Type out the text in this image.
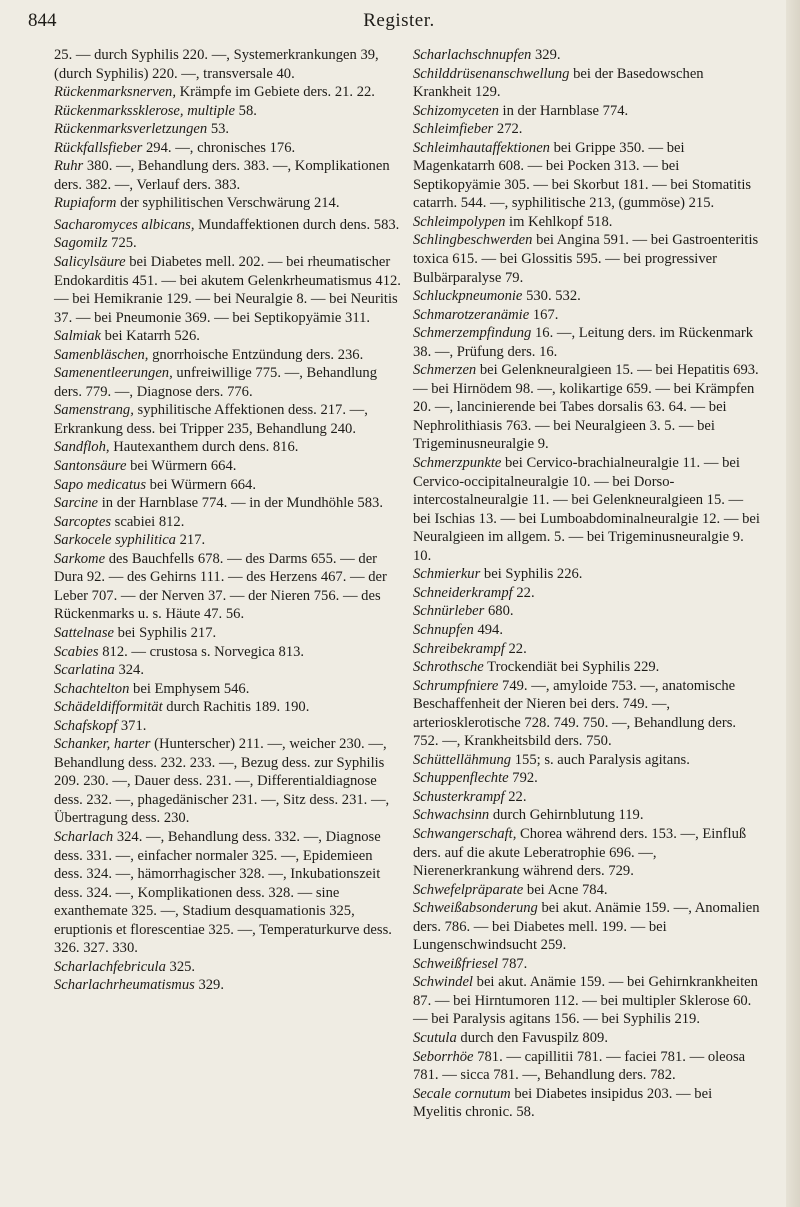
844	Register.

25. — durch Syphilis 220. —, Systemerkrankungen 39, (durch Syphilis) 220. —, transversale 40.

Rückenmarksnerven, Krämpfe im Gebiete ders. 21. 22.

Rückenmarkssklerose, multiple 58.

Rückenmarksverletzungen 53.

Rückfallsfieber 294. —, chronisches 176.

Ruhr 380. —, Behandlung ders. 383. —, Komplikationen ders. 382. —, Verlauf ders. 383.

Rupiaform der syphilitischen Verschwärung 214.

Sacharomyces albicans, Mundaffektionen durch dens. 583.

Sagomilz 725.

Salicylsäure bei Diabetes mell. 202. — bei rheumatischer Endokarditis 451. — bei akutem Gelenkrheumatismus 412. — bei Hemikranie 129. — bei Neuralgie 8. — bei Neuritis 37. — bei Pneumonie 369. — bei Septikopyämie 311.

Salmiak bei Katarrh 526.

Samenbläschen, gnorrhoische Entzündung ders. 236.

Samenentleerungen, unfreiwillige 775. —, Behandlung ders. 779. —, Diagnose ders. 776.

Samenstrang, syphilitische Affektionen dess. 217. —, Erkrankung dess. bei Tripper 235, Behandlung 240.

Sandfloh, Hautexanthem durch dens. 816.

Santonsäure bei Würmern 664.

Sapo medicatus bei Würmern 664.

Sarcine in der Harnblase 774. — in der Mundhöhle 583.

Sarcoptes scabiei 812.

Sarkocele syphilitica 217.

Sarkome des Bauchfells 678. — des Darms 655. — der Dura 92. — des Gehirns 111. — des Herzens 467. — der Leber 707. — der Nerven 37. — der Nieren 756. — des Rückenmarks u. s. Häute 47. 56.

Sattelnase bei Syphilis 217.

Scabies 812. — crustosa s. Norvegica 813.

Scarlatina 324.

Schachtelton bei Emphysem 546.

Schädeldifformität durch Rachitis 189. 190.

Schafskopf 371.

Schanker, harter (Hunterscher) 211. —, weicher 230. —, Behandlung dess. 232. 233. —, Bezug dess. zur Syphilis 209. 230. —, Dauer dess. 231. —, Differentialdiagnose dess. 232. —, phagedänischer 231. —, Sitz dess. 231. —, Übertragung dess. 230.

Scharlach 324. —, Behandlung dess. 332. —, Diagnose dess. 331. —, einfacher normaler 325. —, Epidemieen dess. 324. —, hämorrhagischer 328. —, Inkubationszeit dess. 324. —, Komplikationen dess. 328. — sine exanthemate 325. —, Stadium desquamationis 325, eruptionis et florescentiae 325. —, Temperaturkurve dess. 326. 327. 330.

Scharlachfebricula 325.

Scharlachrheumatismus 329.

Scharlachschnupfen 329.

Schilddrüsenanschwellung bei der Basedowschen Krankheit 129.

Schizomyceten in der Harnblase 774.

Schleimfieber 272.

Schleimhautaffektionen bei Grippe 350. — bei Magenkatarrh 608. — bei Pocken 313. — bei Septikopyämie 305. — bei Skorbut 181. — bei Stomatitis catarrh. 544. —, syphilitische 213, (gummöse) 215.

Schleimpolypen im Kehlkopf 518.

Schlingbeschwerden bei Angina 591. — bei Gastroenteritis toxica 615. — bei Glossitis 595. — bei progressiver Bulbärparalyse 79.

Schluckpneumonie 530. 532.

Schmarotzeranämie 167.

Schmerzempfindung 16. —, Leitung ders. im Rückenmark 38. —, Prüfung ders. 16.

Schmerzen bei Gelenkneuralgieen 15. — bei Hepatitis 693. — bei Hirnödem 98. —, kolikartige 659. — bei Krämpfen 20. —, lancinierende bei Tabes dorsalis 63. 64. — bei Nephrolithiasis 763. — bei Neuralgieen 3. 5. — bei Trigeminusneuralgie 9.

Schmerzpunkte bei Cervico-brachialneuralgie 11. — bei Cervico-occipitalneuralgie 10. — bei Dorso-intercostalneuralgie 11. — bei Gelenkneuralgieen 15. — bei Ischias 13. — bei Lumboabdominalneuralgie 12. — bei Neuralgieen im allgem. 5. — bei Trigeminusneuralgie 9. 10.

Schmierkur bei Syphilis 226.

Schneiderkrampf 22.

Schnürleber 680.

Schnupfen 494.

Schreibekrampf 22.

Schrothsche Trockendiät bei Syphilis 229.

Schrumpfniere 749. —, amyloide 753. —, anatomische Beschaffenheit der Nieren bei ders. 749. —, arteriosklerotische 728. 749. 750. —, Behandlung ders. 752. —, Krankheitsbild ders. 750.

Schüttellähmung 155; s. auch Paralysis agitans.

Schuppenflechte 792.

Schusterkrampf 22.

Schwachsinn durch Gehirnblutung 119.

Schwangerschaft, Chorea während ders. 153. —, Einfluß ders. auf die akute Leberatrophie 696. —, Nierenerkrankung während ders. 729.

Schwefelpräparate bei Acne 784.

Schweißabsonderung bei akut. Anämie 159. —, Anomalien ders. 786. — bei Diabetes mell. 199. — bei Lungenschwindsucht 259.

Schweißfriesel 787.

Schwindel bei akut. Anämie 159. — bei Gehirnkrankheiten 87. — bei Hirntumoren 112. — bei multipler Sklerose 60. — bei Paralysis agitans 156. — bei Syphilis 219.

Scutula durch den Favuspilz 809.

Seborrhöe 781. — capillitii 781. — faciei 781. — oleosa 781. — sicca 781. —, Behandlung ders. 782.

Secale cornutum bei Diabetes insipidus 203. — bei Myelitis chronic. 58.
